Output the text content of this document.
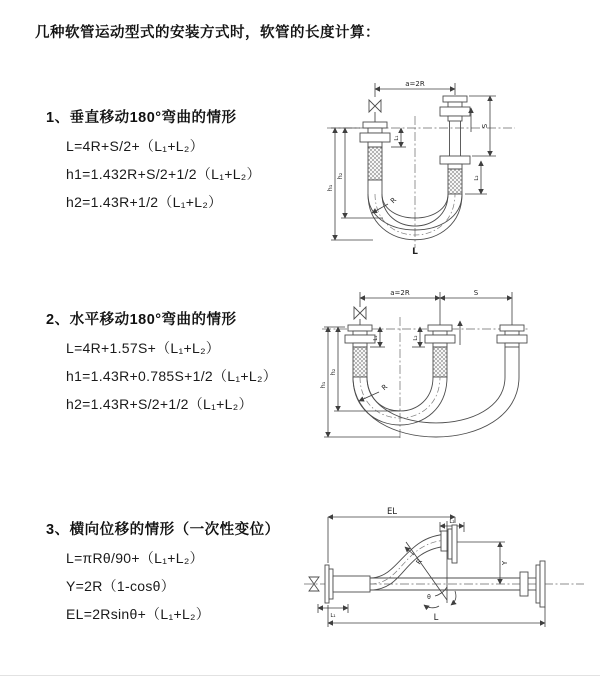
几种软管运动型式的安装方式时，软管的长度计算：
1、垂直移动180°弯曲的情形
L=4R+S/2+（L₁+L₂）
h1=1.432R+S/2+1/2（L₁+L₂）
h2=1.43R+1/2（L₁+L₂）
2、水平移动180°弯曲的情形
L=4R+1.57S+（L₁+L₂）
h1=1.43R+0.785S+1/2（L₁+L₂）
h2=1.43R+S/2+1/2（L₁+L₂）
3、横向位移的情形（一次性变位）
L=πRθ/90+（L₁+L₂）
Y=2R（1-cosθ）
EL=2Rsinθ+（L₁+L₂）
a=2R
h₁
h₂
L₁
S
L₂
R
L
a=2R	S
h₁
h₂
L₁	L₂
R
EL
L₂
θ
R	Y
L₁	L
